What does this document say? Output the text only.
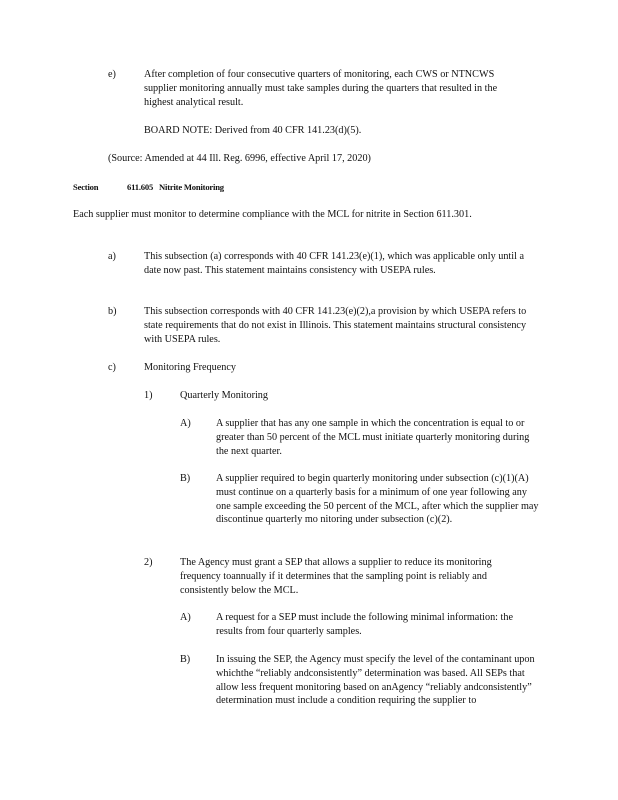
e)	After completion of four consecutive quarters of monitoring, each CWS or NTNCWS supplier monitoring annually must take samples during the quarters that resulted in the highest analytical result.

BOARD NOTE: Derived from 40 CFR 141.23(d)(5).

(Source: Amended at 44 Ill. Reg. 6996, effective April 17, 2020)

Section	611.605 Nitrite Monitoring

Each supplier must monitor to determine compliance with the MCL for nitrite in Section 611.301.

a)	This subsection (a) corresponds with 40 CFR 141.23(e)(1), which was applicable only until a date now past. This statement maintains consistency with USEPA rules.

b)	This subsection corresponds with 40 CFR 141.23(e)(2),a provision by which USEPA refers to state requirements that do not exist in Illinois. This statement maintains structural consistency with USEPA rules.

c)	Monitoring Frequency

1)	Quarterly Monitoring

A) A supplier that has any one sample in which the concentration is equal to or greater than 50 percent of the MCL must initiate quarterly monitoring during the next quarter.

B)	A supplier required to begin quarterly monitoring under subsection (c)(1)(A) must continue on a quarterly basis for a minimum of one year following any one sample exceeding the 50 percent of the MCL, after which the supplier may discontinue quarterly mo nitoring under subsection (c)(2).

2)	The Agency must grant a SEP that allows a supplier to reduce its monitoring frequency toannually if it determines that the sampling point is reliably and consistently below the MCL.

A) A request for a SEP must include the following minimal information: the results from four quarterly samples.

B)	In issuing the SEP, the Agency must specify the level of the contaminant upon whichthe “reliably andconsistently” determination was based. All SEPs that allow less frequent monitoring based on anAgency “reliably andconsistently” determination must include a condition requiring the supplier to
